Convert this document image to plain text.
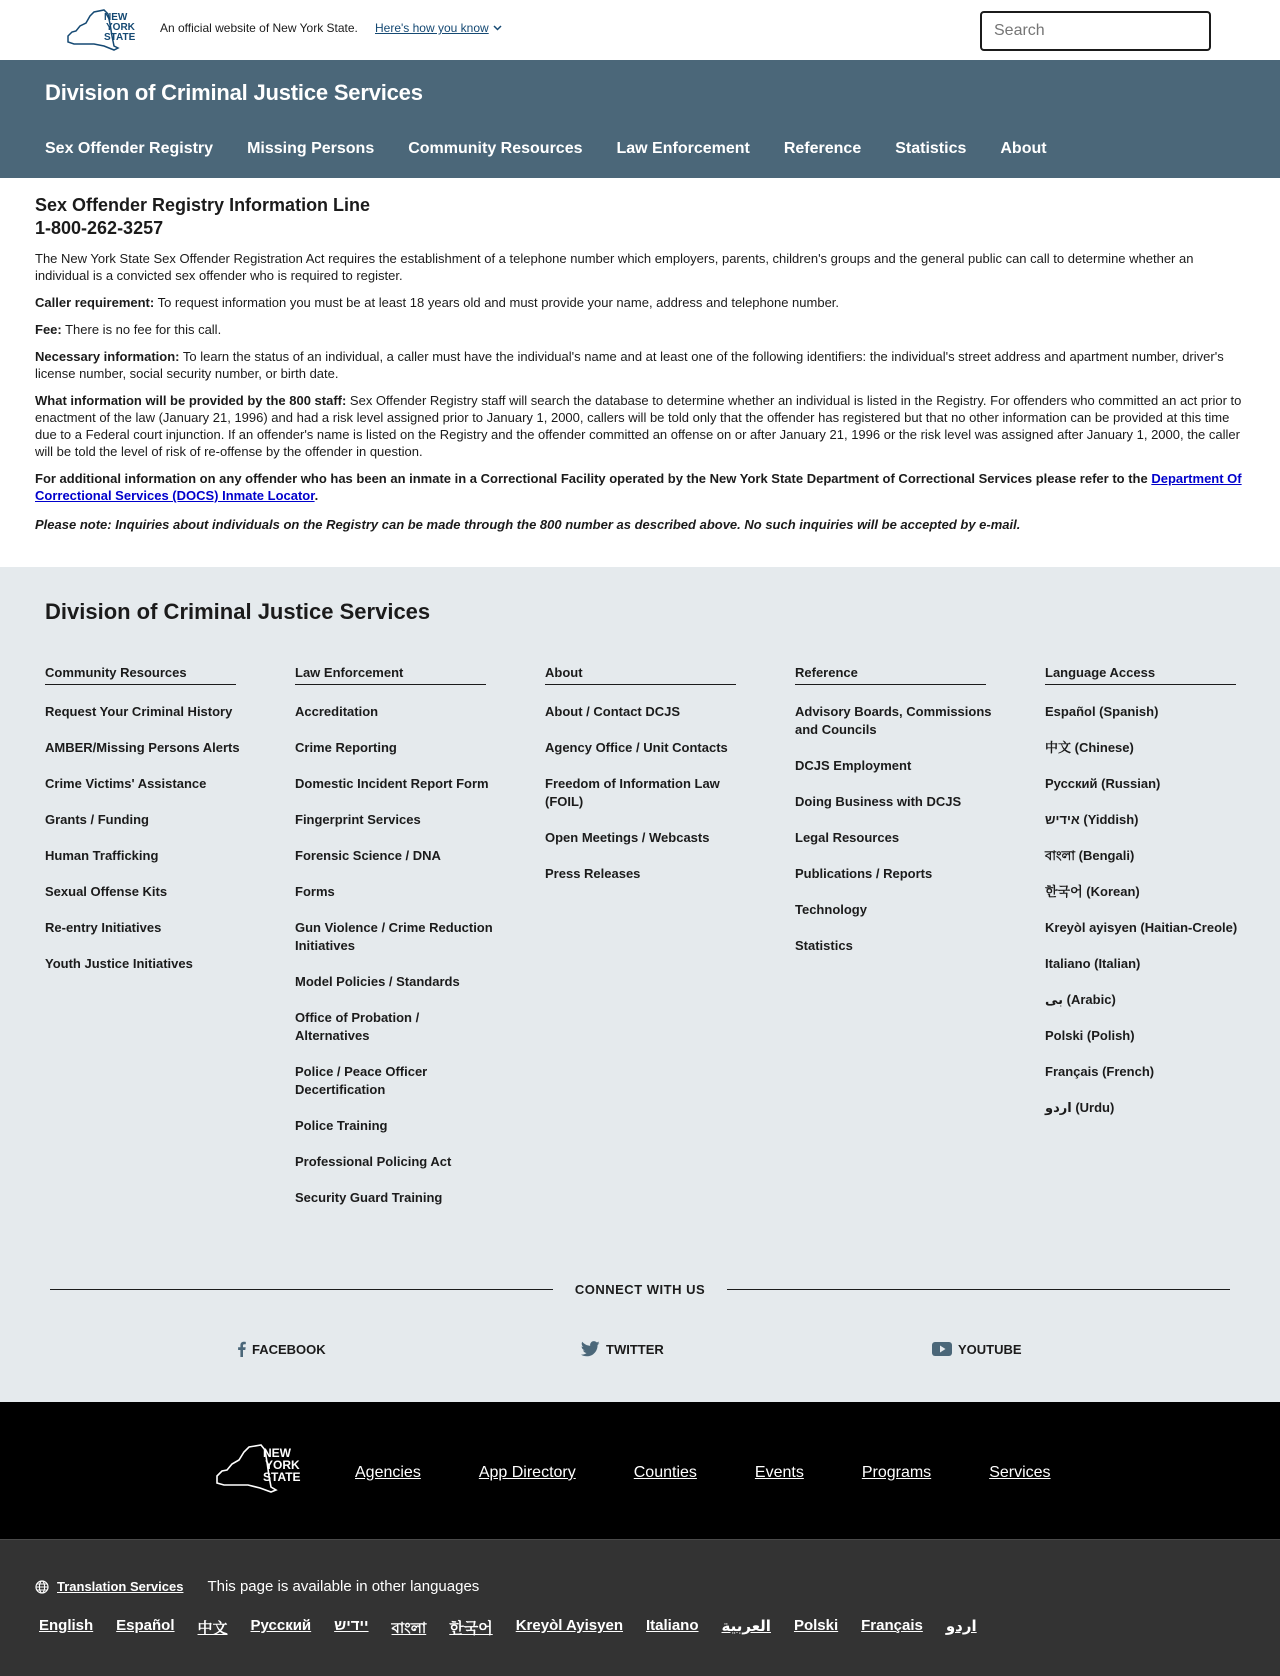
NEW
YORK
STATE
An official website of New York State. Here's how you know
Search
Division of Criminal Justice Services
Sex Offender Registry Missing Persons Community Resources Law Enforcement Reference Statistics About
Sex Offender Registry Information Line
1-800-262-3257

The New York State Sex Offender Registration Act requires the establishment of a telephone number which employers, parents, children's groups and the general public can call to determine whether an individual is a convicted sex offender who is required to register.

Caller requirement: To request information you must be at least 18 years old and must provide your name, address and telephone number.

Fee: There is no fee for this call.

Necessary information: To learn the status of an individual, a caller must have the individual's name and at least one of the following identifiers: the individual's street address and apartment number, driver's license number, social security number, or birth date.

What information will be provided by the 800 staff: Sex Offender Registry staff will search the database to determine whether an individual is listed in the Registry. For offenders who committed an act prior to enactment of the law (January 21, 1996) and had a risk level assigned prior to January 1, 2000, callers will be told only that the offender has registered but that no other information can be provided at this time due to a Federal court injunction. If an offender's name is listed on the Registry and the offender committed an offense on or after January 21, 1996 or the risk level was assigned after January 1, 2000, the caller will be told the level of risk of re-offense by the offender in question.

For additional information on any offender who has been an inmate in a Correctional Facility operated by the New York State Department of Correctional Services please refer to the Department Of Correctional Services (DOCS) Inmate Locator.

Please note: Inquiries about individuals on the Registry can be made through the 800 number as described above. No such inquiries will be accepted by e-mail.

Division of Criminal Justice Services
Community Resources
Request Your Criminal History
AMBER/Missing Persons Alerts
Crime Victims' Assistance
Grants / Funding
Human Trafficking
Sexual Offense Kits
Re-entry Initiatives
Youth Justice Initiatives
Law Enforcement
Accreditation
Crime Reporting
Domestic Incident Report Form
Fingerprint Services
Forensic Science / DNA
Forms
Gun Violence / Crime Reduction Initiatives
Model Policies / Standards
Office of Probation / Alternatives
Police / Peace Officer Decertification
Police Training
Professional Policing Act
Security Guard Training
About
About / Contact DCJS
Agency Office / Unit Contacts
Freedom of Information Law (FOIL)
Open Meetings / Webcasts
Press Releases
Reference
Advisory Boards, Commissions and Councils
DCJS Employment
Doing Business with DCJS
Legal Resources
Publications / Reports
Technology
Statistics
Language Access
Español (Spanish)
中文 (Chinese)
Русский (Russian)
אידיש (Yiddish)
বাংলা (Bengali)
한국어 (Korean)
Kreyòl ayisyen (Haitian-Creole)
Italiano (Italian)
بی (Arabic)
Polski (Polish)
Français (French)
اردو (Urdu)
CONNECT WITH US
FACEBOOK	TWITTER	YOUTUBE
NEW
YORK
STATE	Agencies	App Directory	Counties	Events	Programs	Services
Translation Services This page is available in other languages
English Español 中文 Русский יידיש বাংলা 한국어 Kreyòl Ayisyen Italiano العربية Polski Français اردو
